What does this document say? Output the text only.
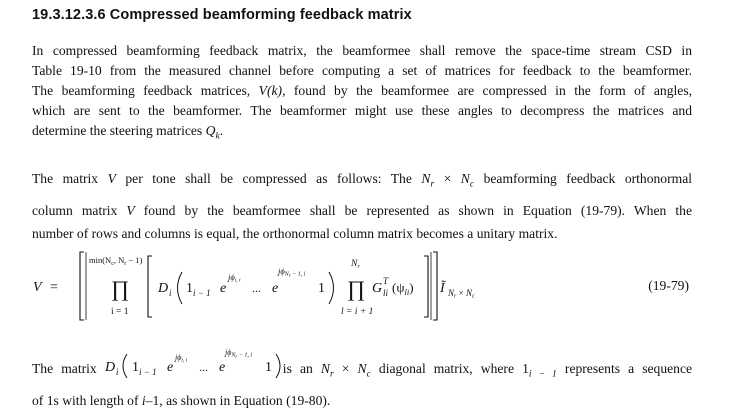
19.3.12.3.6 Compressed beamforming feedback matrix
In compressed beamforming feedback matrix, the beamformee shall remove the space-time stream CSD in
Table 19-10 from the measured channel before computing a set of matrices for feedback to the beamformer.
The beamforming feedback matrices, V(k), found by the beamformee are compressed in the form of angles,
which are sent to the beamformer. The beamformer might use these angles to decompress the matrices and
determine the steering matrices $Q_k$.
The matrix V per tone shall be compressed as follows: The $N_r \times N_c$ beamforming feedback orthonormal
column matrix V found by the beamformee shall be represented as shown in Equation (19-79). When the
number of rows and columns is equal, the orthonormal column matrix becomes a unitary matrix.
V =
$\min(N_c$, $N_r - 1$)
∏
i = 1
D i 1 i − 1 e
jϕi, i
... e
jϕNr − 1, i
1
$N_r$
∏
l = i + 1
G T
li $(\psi_{li})$ Ĩ Nr × Nc
(19-79)
The matrix D i 1 i − 1 e
jϕi, i ... e
jϕNr − 1, i
1 is an $N_r \times N_c$ diagonal matrix, where $1_{i - 1}$ represents a sequence
of 1s with length of i–1, as shown in Equation (19-80).
